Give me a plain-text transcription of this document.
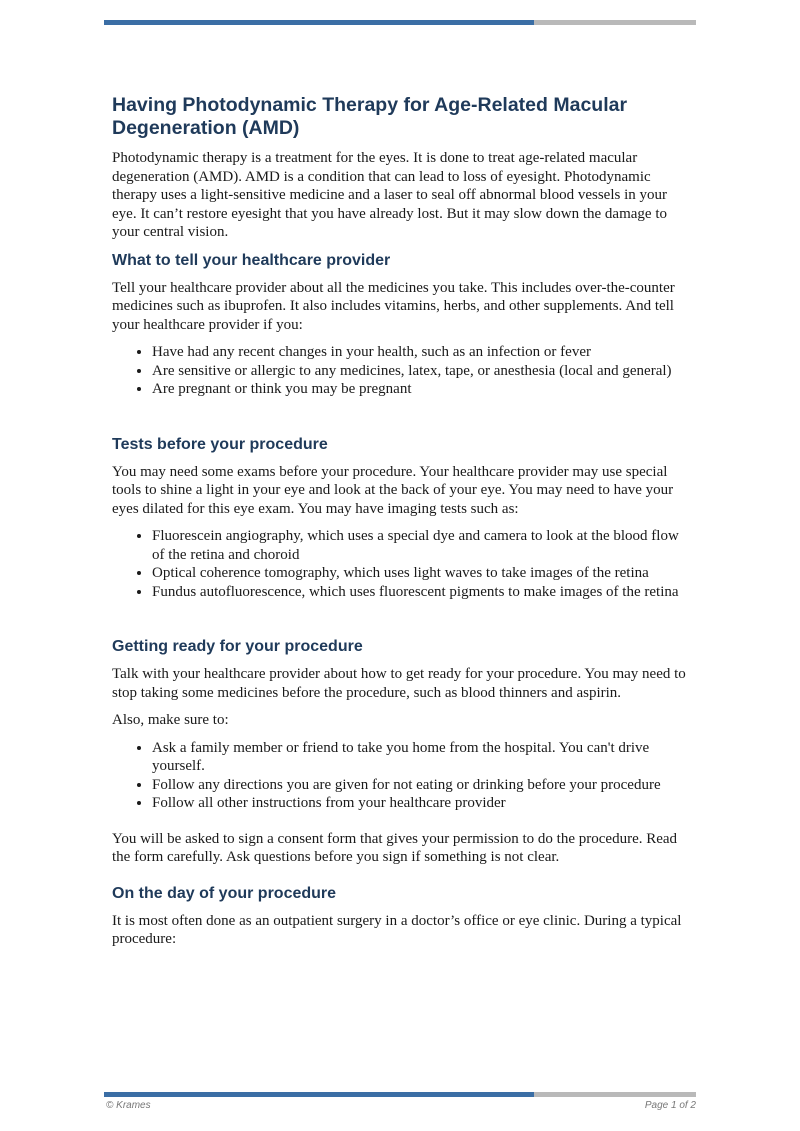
Having Photodynamic Therapy for Age-Related Macular Degeneration (AMD)

Photodynamic therapy is a treatment for the eyes. It is done to treat age-related macular degeneration (AMD). AMD is a condition that can lead to loss of eyesight. Photodynamic therapy uses a light-sensitive medicine and a laser to seal off abnormal blood vessels in your eye. It can’t restore eyesight that you have already lost. But it may slow down the damage to your central vision.

What to tell your healthcare provider

Tell your healthcare provider about all the medicines you take. This includes over-the-counter medicines such as ibuprofen. It also includes vitamins, herbs, and other supplements. And tell your healthcare provider if you:

• Have had any recent changes in your health, such as an infection or fever
• Are sensitive or allergic to any medicines, latex, tape, or anesthesia (local and general)
• Are pregnant or think you may be pregnant
Tests before your procedure

You may need some exams before your procedure. Your healthcare provider may use special tools to shine a light in your eye and look at the back of your eye. You may need to have your eyes dilated for this eye exam. You may have imaging tests such as:

• Fluorescein angiography, which uses a special dye and camera to look at the blood flow of the retina and choroid
• Optical coherence tomography, which uses light waves to take images of the retina
• Fundus autofluorescence, which uses fluorescent pigments to make images of the retina
Getting ready for your procedure

Talk with your healthcare provider about how to get ready for your procedure. You may need to stop taking some medicines before the procedure, such as blood thinners and aspirin.

Also, make sure to:

• Ask a family member or friend to take you home from the hospital. You can't drive yourself.
• Follow any directions you are given for not eating or drinking before your procedure
• Follow all other instructions from your healthcare provider

You will be asked to sign a consent form that gives your permission to do the procedure. Read the form carefully. Ask questions before you sign if something is not clear.

On the day of your procedure

It is most often done as an outpatient surgery in a doctor’s office or eye clinic. During a typical procedure:

© Krames	Page 1 of 2
